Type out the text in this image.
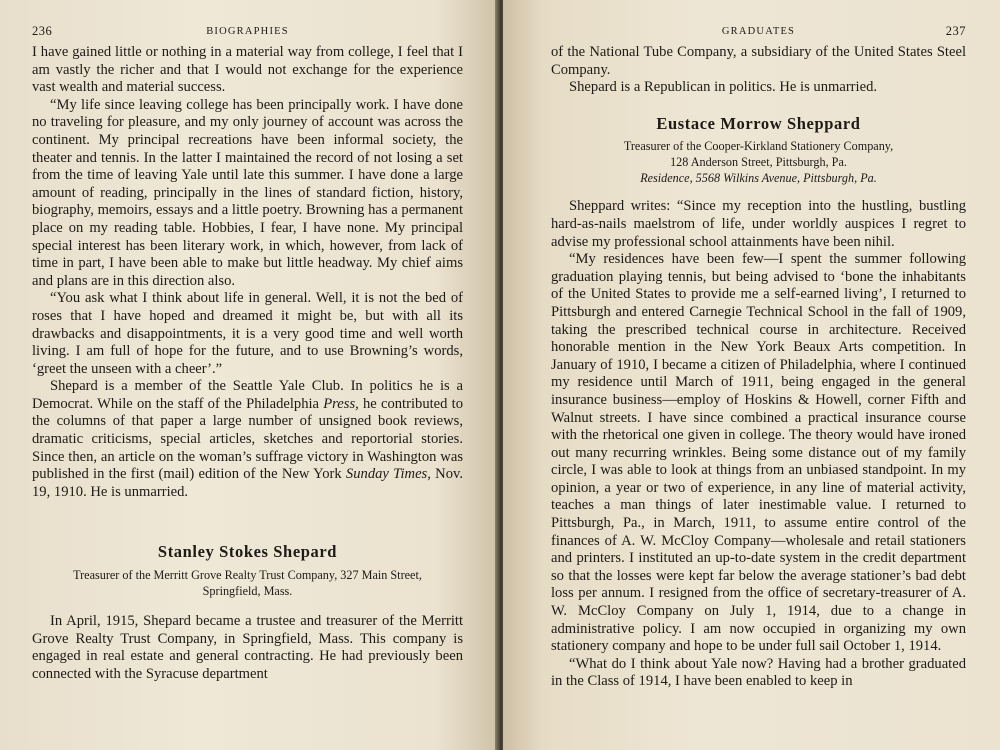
236	BIOGRAPHIES

I have gained little or nothing in a material way from college, I feel that I am vastly the richer and that I would not exchange for the experience vast wealth and material success.

“My life since leaving college has been principally work. I have done no traveling for pleasure, and my only journey of account was across the continent. My principal recreations have been informal society, the theater and tennis. In the latter I maintained the record of not losing a set from the time of leaving Yale until late this summer. I have done a large amount of reading, principally in the lines of standard fiction, history, biography, memoirs, essays and a little poetry. Browning has a permanent place on my reading table. Hobbies, I fear, I have none. My principal special interest has been literary work, in which, however, from lack of time in part, I have been able to make but little headway. My chief aims and plans are in this direction also.

“You ask what I think about life in general. Well, it is not the bed of roses that I have hoped and dreamed it might be, but with all its drawbacks and disappointments, it is a very good time and well worth living. I am full of hope for the future, and to use Browning’s words, ‘greet the unseen with a cheer’.”

Shepard is a member of the Seattle Yale Club. In politics he is a Democrat. While on the staff of the Philadelphia Press, he contributed to the columns of that paper a large number of unsigned book reviews, dramatic criticisms, special articles, sketches and reportorial stories. Since then, an article on the woman’s suffrage victory in Washington was published in the first (mail) edition of the New York Sunday Times, Nov. 19, 1910. He is unmarried.

Stanley Stokes Shepard
Treasurer of the Merritt Grove Realty Trust Company, 327 Main Street,
Springfield, Mass.

In April, 1915, Shepard became a trustee and treasurer of the Merritt Grove Realty Trust Company, in Springfield, Mass. This company is engaged in real estate and general contracting. He had previously been connected with the Syracuse department

GRADUATES	237

of the National Tube Company, a subsidiary of the United States Steel Company.

Shepard is a Republican in politics. He is unmarried.

Eustace Morrow Sheppard
Treasurer of the Cooper-Kirkland Stationery Company,
128 Anderson Street, Pittsburgh, Pa.
Residence, 5568 Wilkins Avenue, Pittsburgh, Pa.

Sheppard writes: “Since my reception into the hustling, bustling hard-as-nails maelstrom of life, under worldly auspices I regret to advise my professional school attainments have been nihil.

“My residences have been few—I spent the summer following graduation playing tennis, but being advised to ‘bone the inhabitants of the United States to provide me a self-earned living’, I returned to Pittsburgh and entered Carnegie Technical School in the fall of 1909, taking the prescribed technical course in architecture. Received honorable mention in the New York Beaux Arts competition. In January of 1910, I became a citizen of Philadelphia, where I continued my residence until March of 1911, being engaged in the general insurance business—employ of Hoskins & Howell, corner Fifth and Walnut streets. I have since combined a practical insurance course with the rhetorical one given in college. The theory would have ironed out many recurring wrinkles. Being some distance out of my family circle, I was able to look at things from an unbiased standpoint. In my opinion, a year or two of experience, in any line of material activity, teaches a man things of later inestimable value. I returned to Pittsburgh, Pa., in March, 1911, to assume entire control of the finances of A. W. McCloy Company—wholesale and retail stationers and printers. I instituted an up-to-date system in the credit department so that the losses were kept far below the average stationer’s bad debt loss per annum. I resigned from the office of secretary-treasurer of A. W. McCloy Company on July 1, 1914, due to a change in administrative policy. I am now occupied in organizing my own stationery company and hope to be under full sail October 1, 1914.

“What do I think about Yale now? Having had a brother graduated in the Class of 1914, I have been enabled to keep in
